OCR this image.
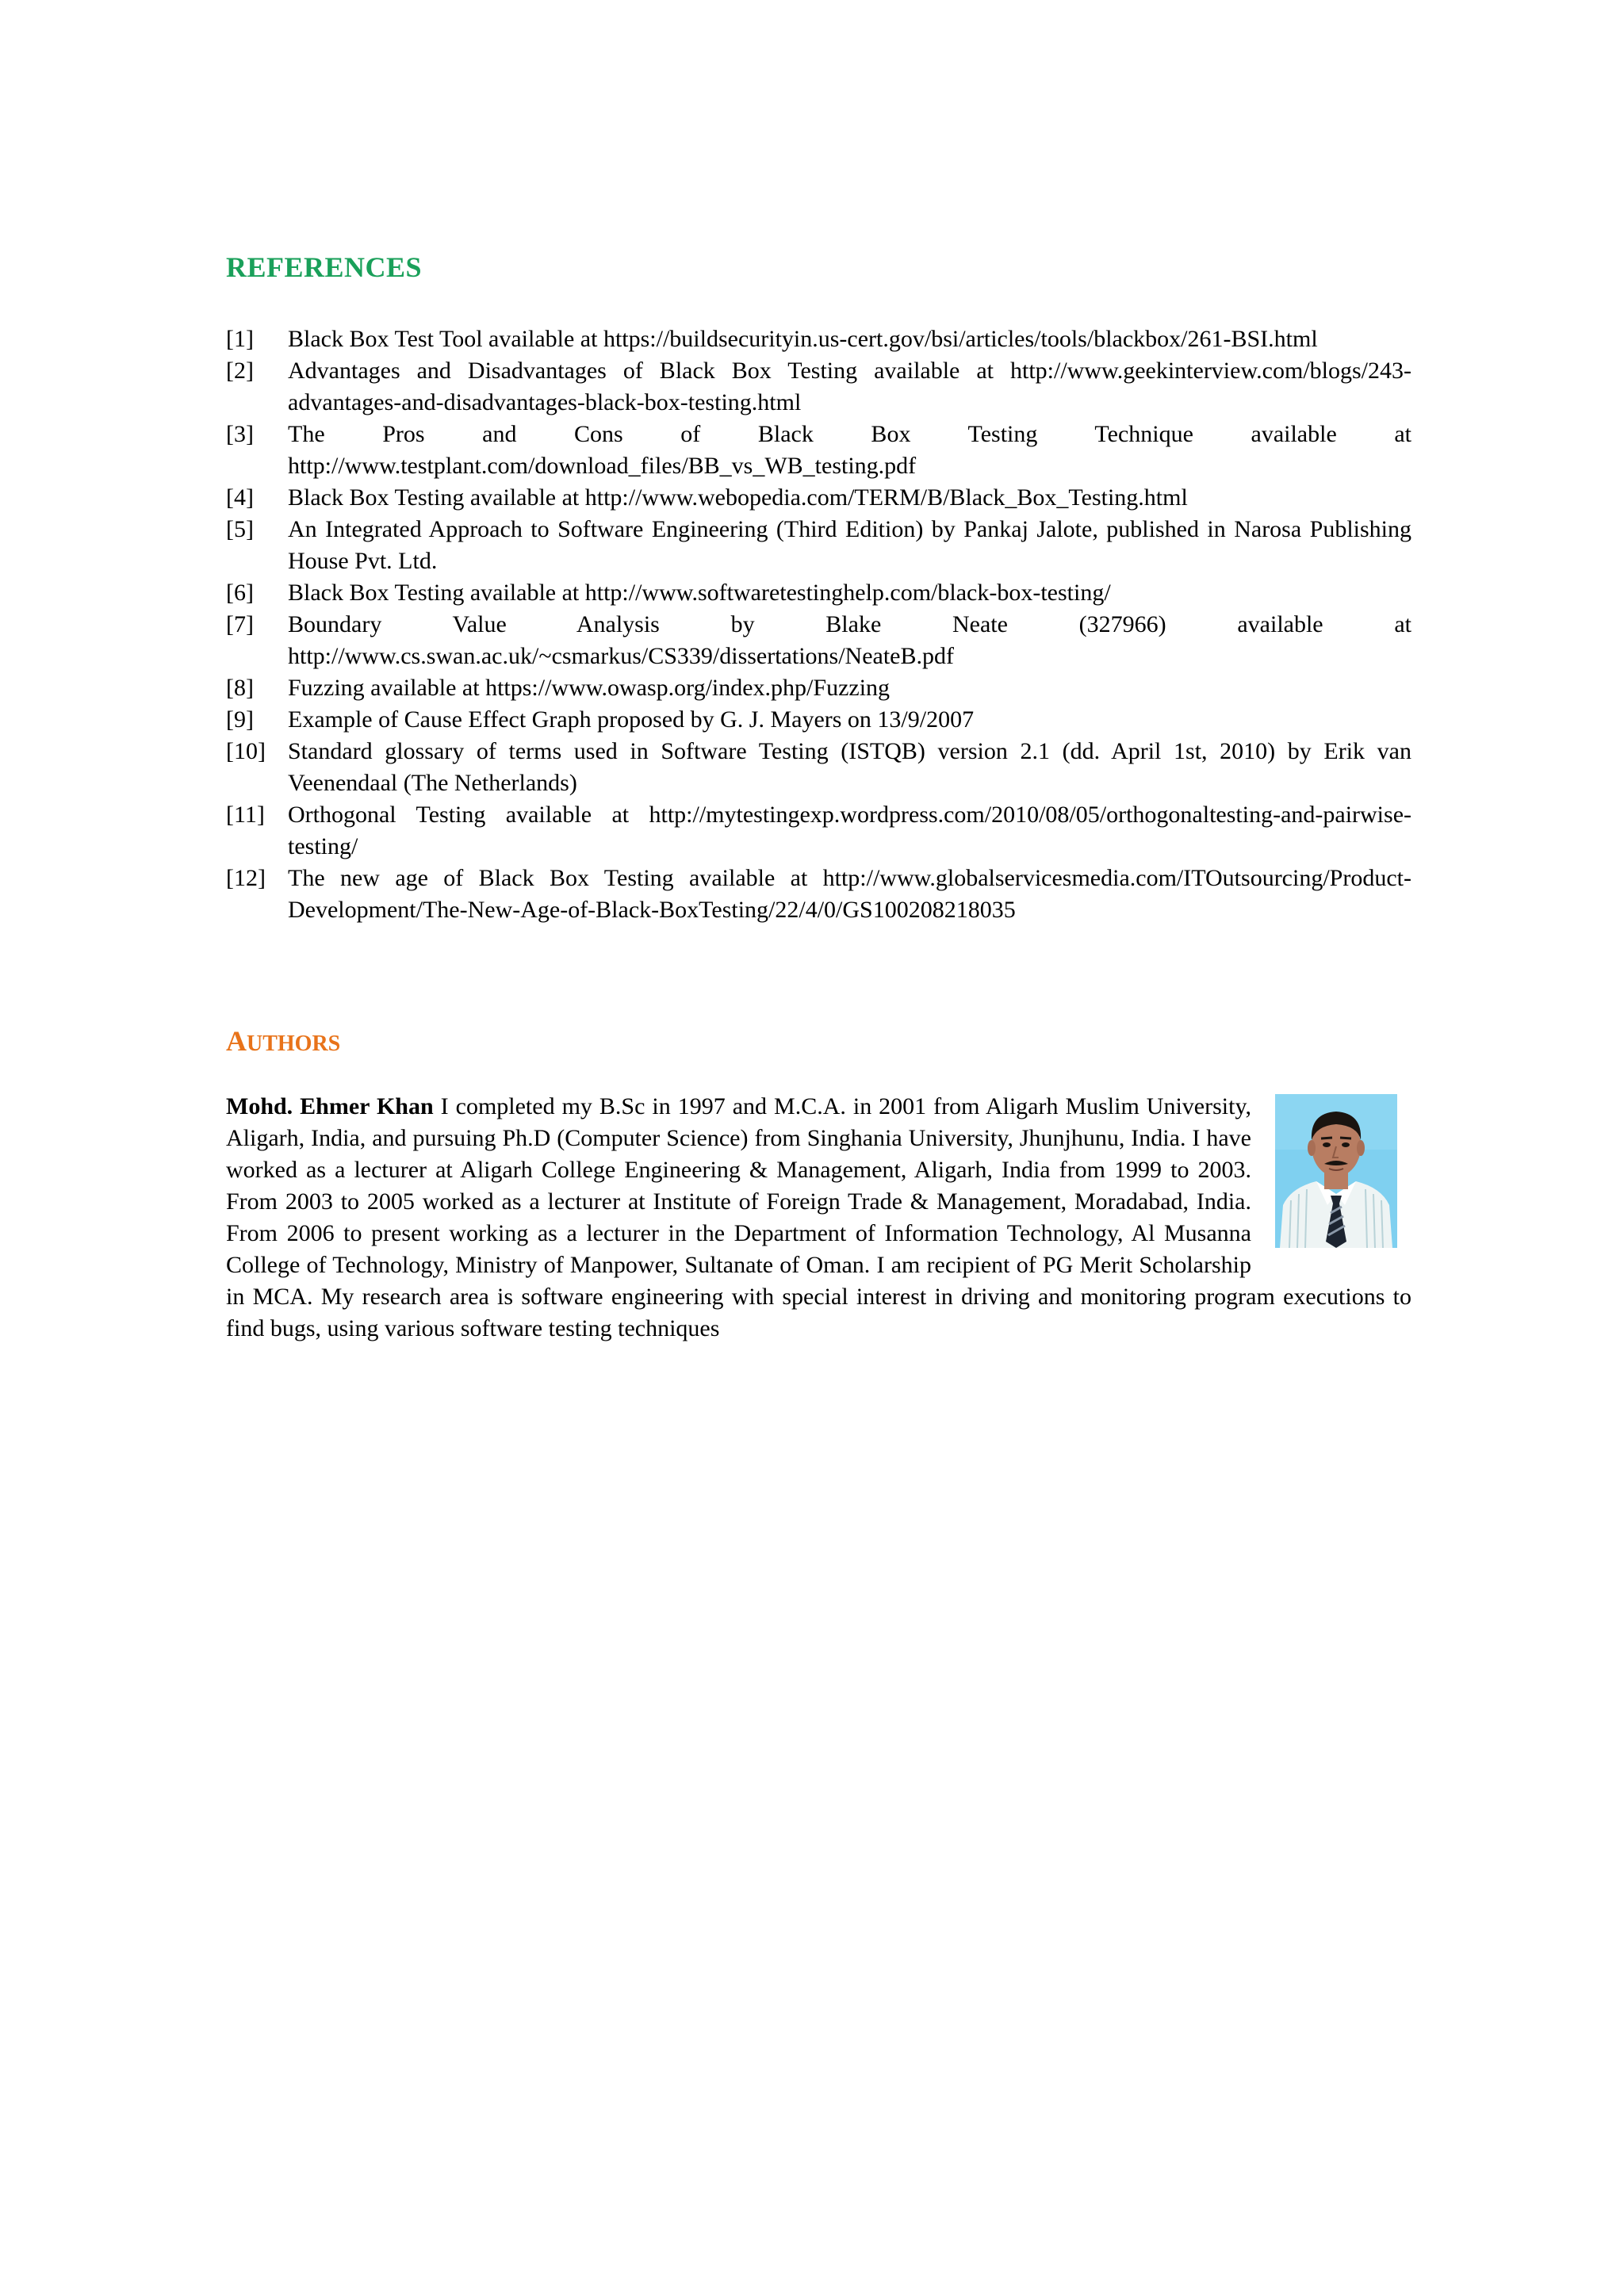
REFERENCES
[1]	Black Box Test Tool available at https://buildsecurityin.us-cert.gov/bsi/articles/tools/blackbox/261-BSI.html
[2]	Advantages and Disadvantages of Black Box Testing available at http://www.geekinterview.com/blogs/243-advantages-and-disadvantages-black-box-testing.html
[3]	The Pros and Cons of Black Box Testing Technique available at http://www.testplant.com/download_files/BB_vs_WB_testing.pdf
[4]	Black Box Testing available at http://www.webopedia.com/TERM/B/Black_Box_Testing.html
[5]	An Integrated Approach to Software Engineering (Third Edition) by Pankaj Jalote, published in Narosa Publishing House Pvt. Ltd.
[6]	Black Box Testing available at http://www.softwaretestinghelp.com/black-box-testing/
[7]	Boundary Value Analysis by Blake Neate (327966) available at http://www.cs.swan.ac.uk/~csmarkus/CS339/dissertations/NeateB.pdf
[8]	Fuzzing available at https://www.owasp.org/index.php/Fuzzing
[9]	Example of Cause Effect Graph proposed by G. J. Mayers on 13/9/2007
[10] Standard glossary of terms used in Software Testing (ISTQB) version 2.1 (dd. April 1st, 2010) by Erik van Veenendaal (The Netherlands)
[11] Orthogonal Testing available at http://mytestingexp.wordpress.com/2010/08/05/orthogonaltesting-and-pairwise-testing/
[12] The new age of Black Box Testing available at http://www.globalservicesmedia.com/ITOutsourcing/Product-Development/The-New-Age-of-Black-BoxTesting/22/4/0/GS100208218035
AUTHORS
Mohd. Ehmer Khan I completed my B.Sc in 1997 and M.C.A. in 2001 from Aligarh Muslim University, Aligarh, India, and pursuing Ph.D (Computer Science) from Singhania University, Jhunjhunu, India. I have worked as a lecturer at Aligarh College Engineering & Management, Aligarh, India from 1999 to 2003. From 2003 to 2005 worked as a lecturer at Institute of Foreign Trade & Management, Moradabad, India. From 2006 to present working as a lecturer in the Department of Information Technology, Al Musanna College of Technology, Ministry of Manpower, Sultanate of Oman. I am recipient of PG Merit Scholarship in MCA. My research area is software engineering with special interest in driving and monitoring program executions to find bugs, using various software testing techniques
